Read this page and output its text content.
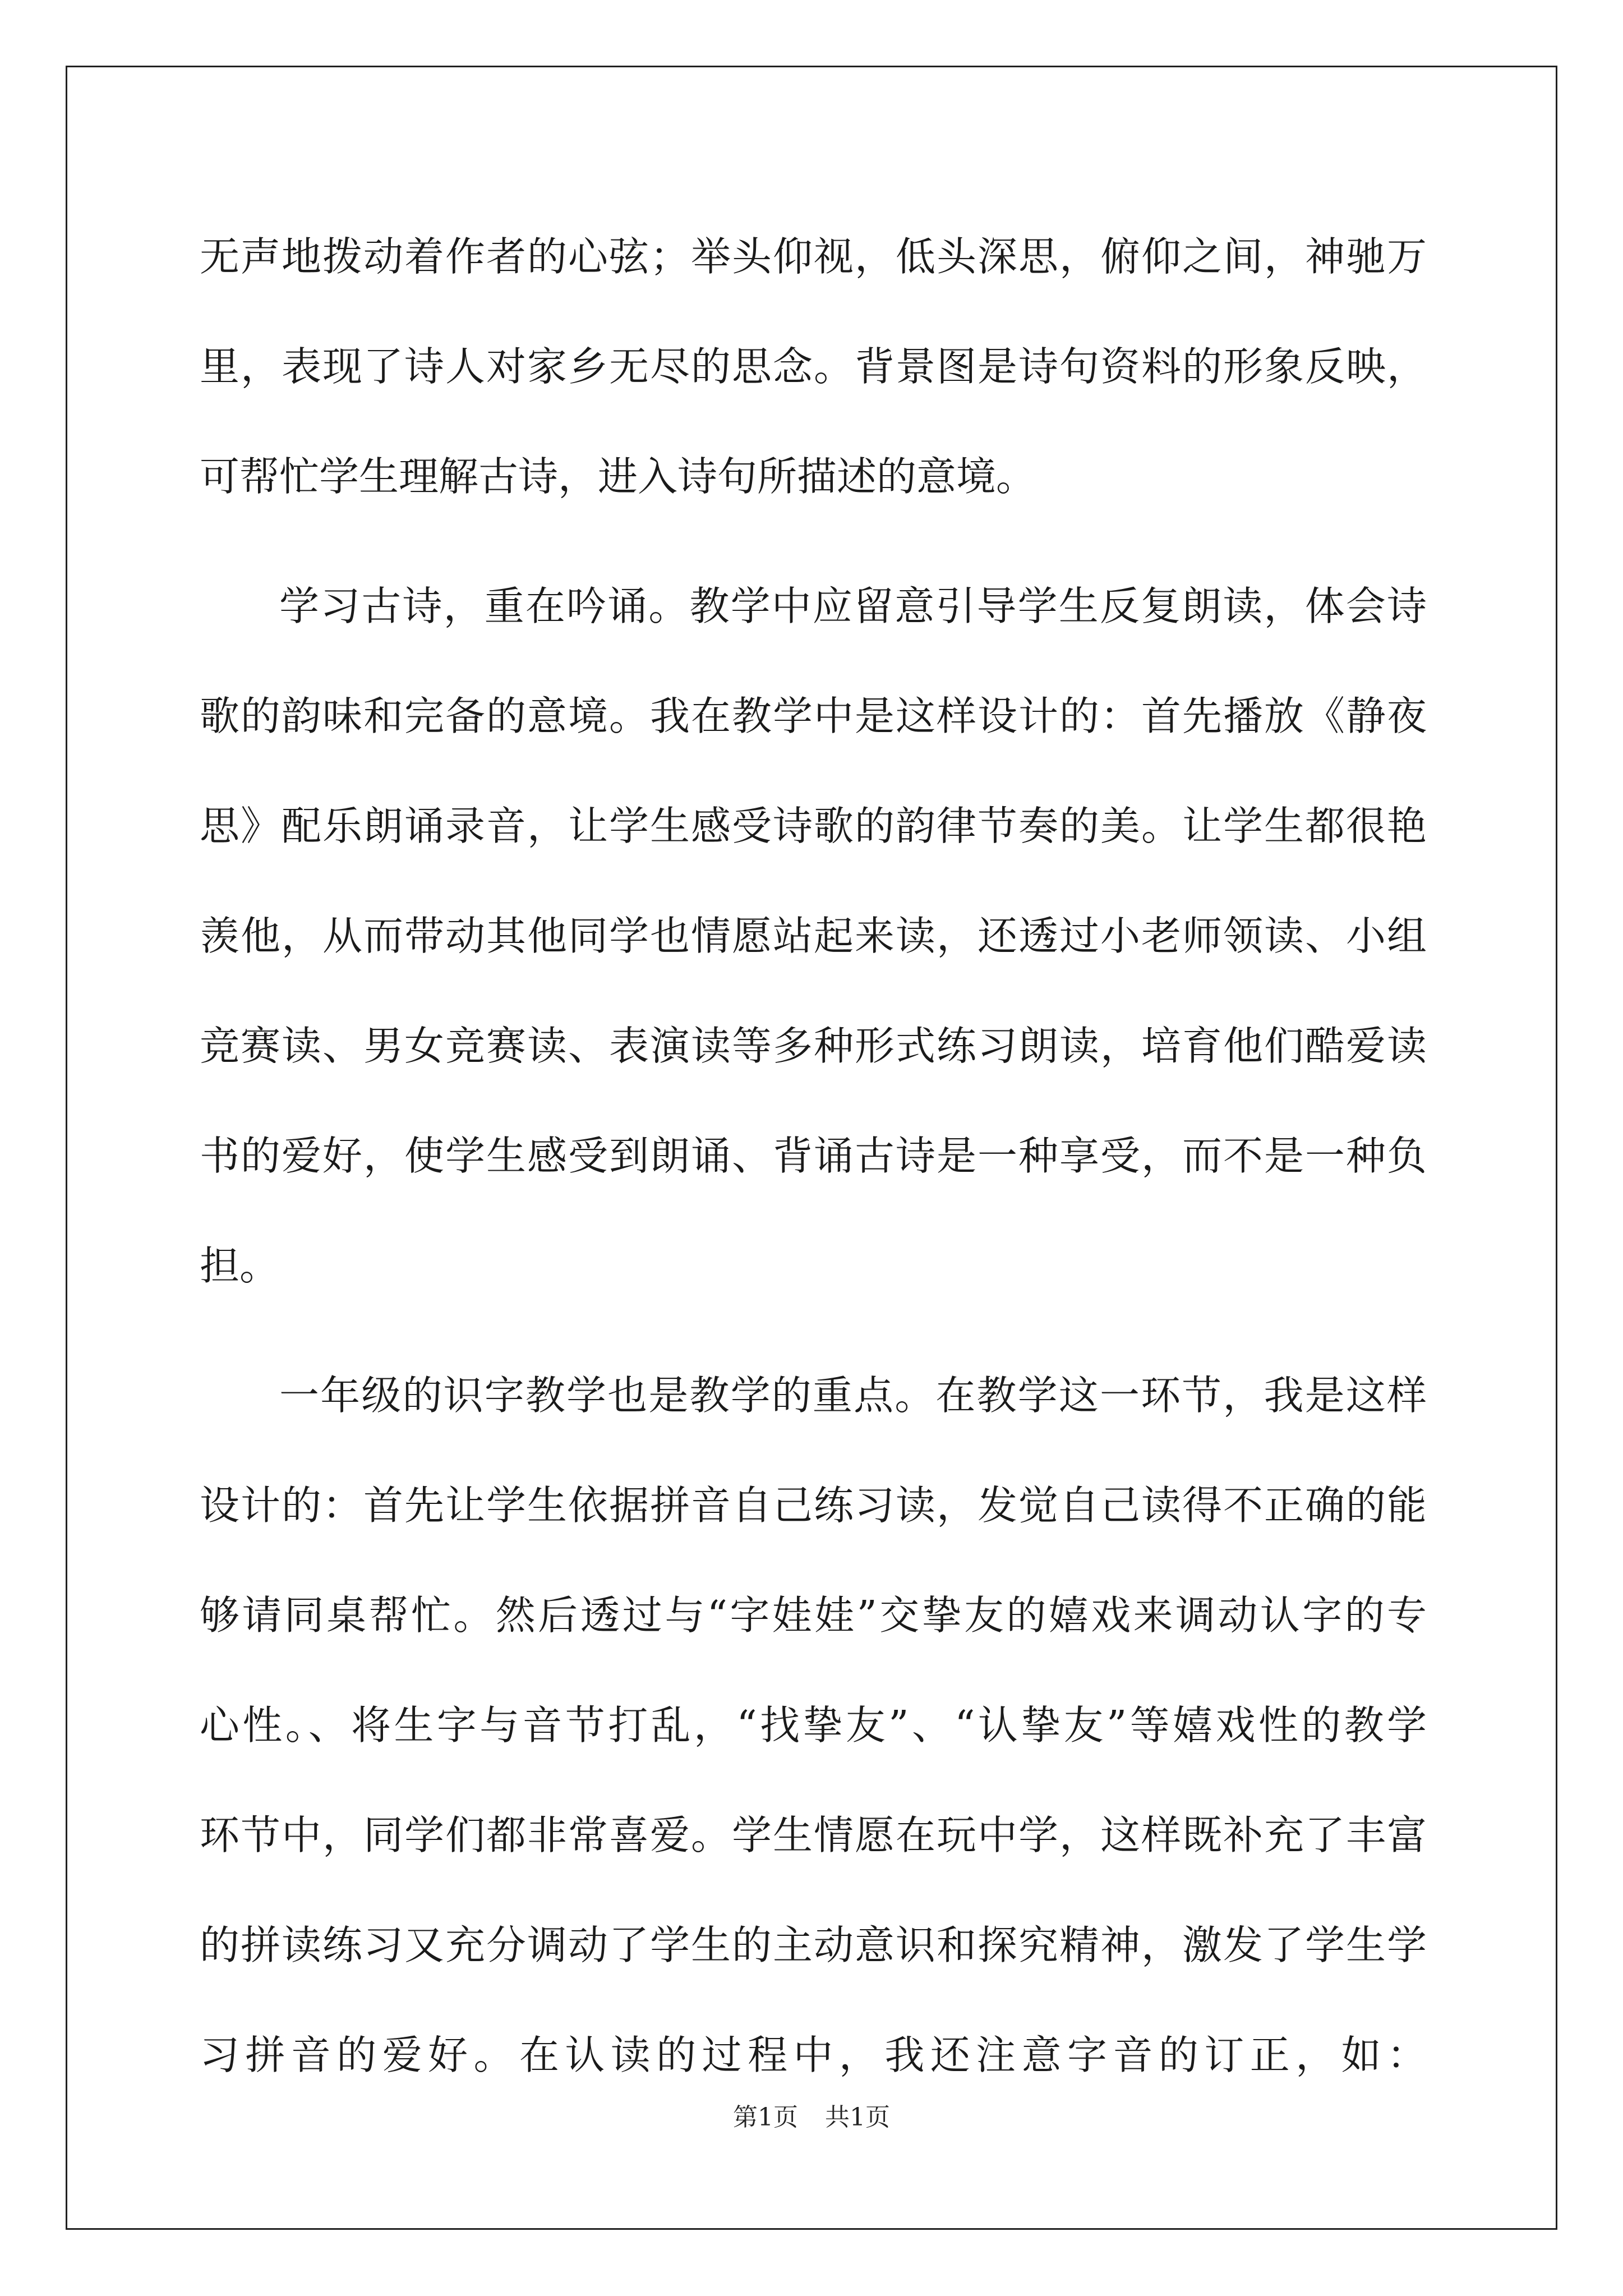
无声地拨动着作者的心弦；举头仰视，低头深思，俯仰之间，神驰万
里，表现了诗人对家乡无尽的思念。背景图是诗句资料的形象反映，
可帮忙学生理解古诗，进入诗句所描述的意境。
学习古诗，重在吟诵。教学中应留意引导学生反复朗读，体会诗
歌的韵味和完备的意境。我在教学中是这样设计的：首先播放《静夜
思》配乐朗诵录音，让学生感受诗歌的韵律节奏的美。让学生都很艳
羡他，从而带动其他同学也情愿站起来读，还透过小老师领读、小组
竞赛读、男女竞赛读、表演读等多种形式练习朗读，培育他们酷爱读
书的爱好，使学生感受到朗诵、背诵古诗是一种享受，而不是一种负
担。
一年级的识字教学也是教学的重点。在教学这一环节，我是这样
设计的：首先让学生依据拼音自己练习读，发觉自己读得不正确的能
够请同桌帮忙。然后透过与“字娃娃”交挚友的嬉戏来调动认字的专
心性。、将生字与音节打乱，“找挚友”、“认挚友”等嬉戏性的教学
环节中，同学们都非常喜爱。学生情愿在玩中学，这样既补充了丰富
的拼读练习又充分调动了学生的主动意识和探究精神，激发了学生学
习拼音的爱好。在认读的过程中，我还注意字音的订正，如：
第1页 共1页
